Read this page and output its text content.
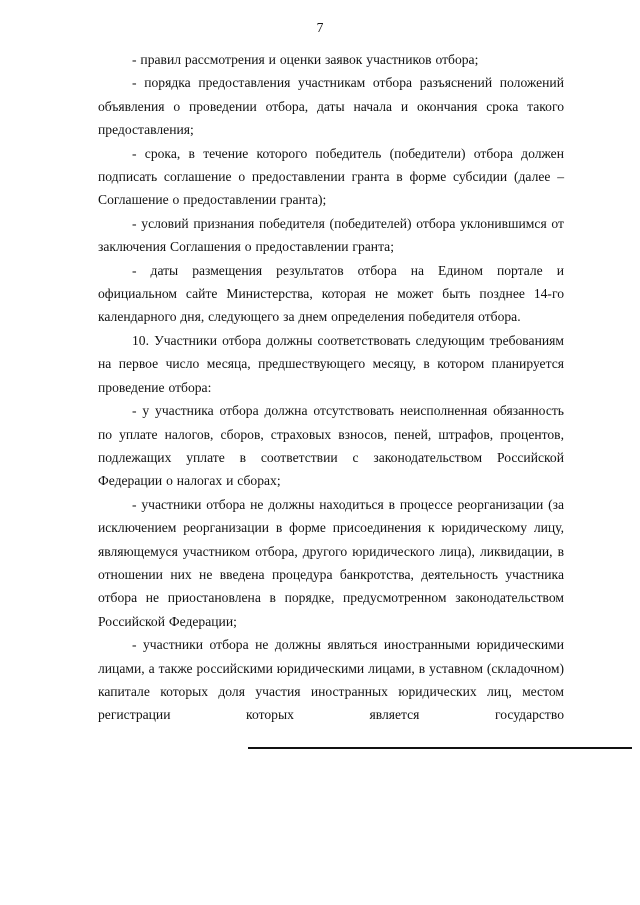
7

- правил рассмотрения и оценки заявок участников отбора;

- порядка предоставления участникам отбора разъяснений положений объявления о проведении отбора, даты начала и окончания срока такого предоставления;

- срока, в течение которого победитель (победители) отбора должен подписать соглашение о предоставлении гранта в форме субсидии (далее – Соглашение о предоставлении гранта);

- условий признания победителя (победителей) отбора уклонившимся от заключения Соглашения о предоставлении гранта;

- даты размещения результатов отбора на Едином портале и официальном сайте Министерства, которая не может быть позднее 14-го календарного дня, следующего за днем определения победителя отбора.

10. Участники отбора должны соответствовать следующим требованиям на первое число месяца, предшествующего месяцу, в котором планируется проведение отбора:

- у участника отбора должна отсутствовать неисполненная обязанность по уплате налогов, сборов, страховых взносов, пеней, штрафов, процентов, подлежащих уплате в соответствии с законодательством Российской Федерации о налогах и сборах;

- участники отбора не должны находиться в процессе реорганизации (за исключением реорганизации в форме присоединения к юридическому лицу, являющемуся участником отбора, другого юридического лица), ликвидации, в отношении них не введена процедура банкротства, деятельность участника отбора не приостановлена в порядке, предусмотренном законодательством Российской Федерации;

- участники отбора не должны являться иностранными юридическими лицами, а также российскими юридическими лицами, в уставном (складочном) капитале которых доля участия иностранных юридических лиц, местом регистрации которых является государство
